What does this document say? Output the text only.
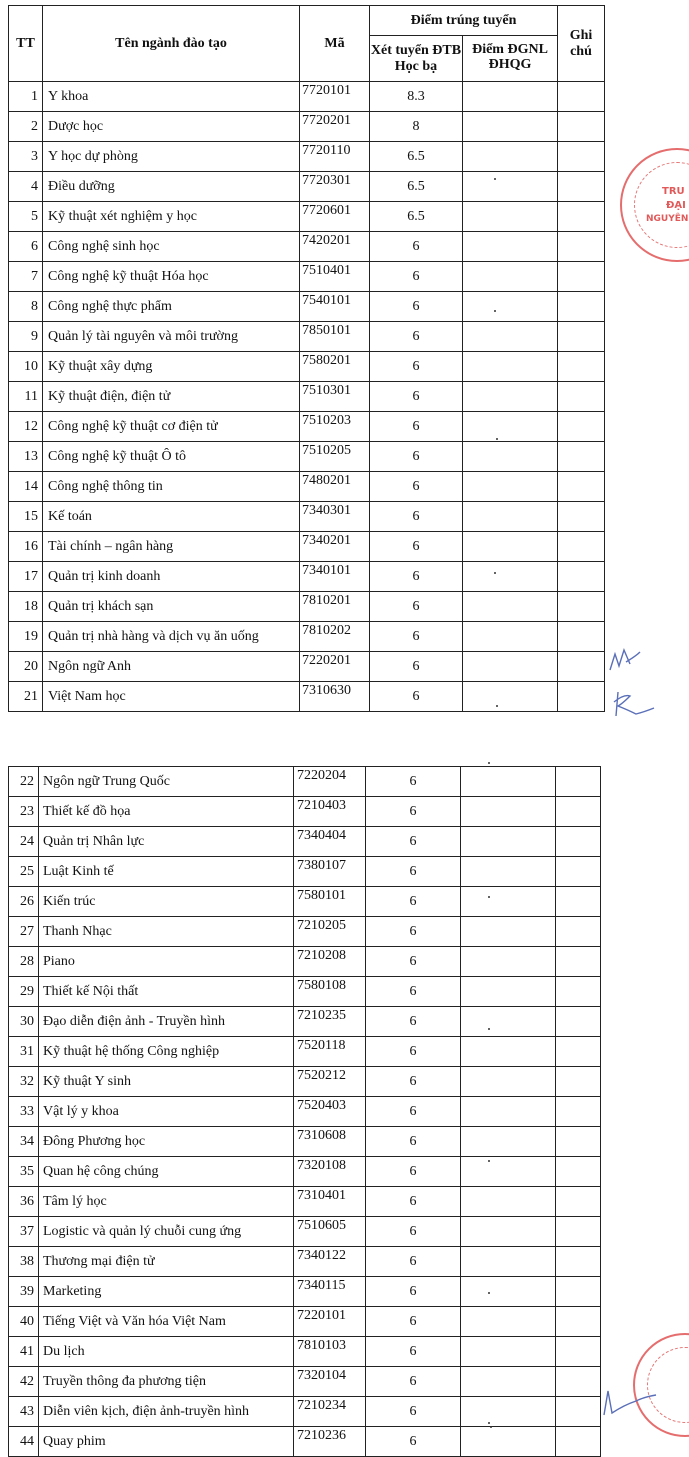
TT	Tên ngành đào tạo	Mã	Điểm trúng tuyển		Ghi chú
			Xét tuyển ĐTB Học bạ	Điểm ĐGNL ĐHQG	
1	Y khoa	7720101	8.3		
2	Dược học	7720201	8		
3	Y học dự phòng	7720110	6.5		
4	Điều dưỡng	7720301	6.5		
5	Kỹ thuật xét nghiệm y học	7720601	6.5		
6	Công nghệ sinh học	7420201	6		
7	Công nghệ kỹ thuật Hóa học	7510401	6		
8	Công nghệ thực phẩm	7540101	6		
9	Quản lý tài nguyên và môi trường	7850101	6		
10	Kỹ thuật xây dựng	7580201	6		
11	Kỹ thuật điện, điện tử	7510301	6		
12	Công nghệ kỹ thuật cơ điện tử	7510203	6		
13	Công nghệ kỹ thuật Ô tô	7510205	6		
14	Công nghệ thông tin	7480201	6		
15	Kế toán	7340301	6		
16	Tài chính – ngân hàng	7340201	6		
17	Quản trị kinh doanh	7340101	6		
18	Quản trị khách sạn	7810201	6		
19	Quản trị nhà hàng và dịch vụ ăn uống	7810202	6		
20	Ngôn ngữ Anh	7220201	6		
21	Việt Nam học	7310630	6		
22	Ngôn ngữ Trung Quốc	7220204	6		
23	Thiết kế đồ họa	7210403	6		
24	Quản trị Nhân lực	7340404	6		
25	Luật Kinh tế	7380107	6		
26	Kiến trúc	7580101	6		
27	Thanh Nhạc	7210205	6		
28	Piano	7210208	6		
29	Thiết kế Nội thất	7580108	6		
30	Đạo diễn điện ảnh - Truyền hình	7210235	6		
31	Kỹ thuật hệ thống Công nghiệp	7520118	6		
32	Kỹ thuật Y sinh	7520212	6		
33	Vật lý y khoa	7520403	6		
34	Đông Phương học	7310608	6		
35	Quan hệ công chúng	7320108	6		
36	Tâm lý học	7310401	6		
37	Logistic và quản lý chuỗi cung ứng	7510605	6		
38	Thương mại điện tử	7340122	6		
39	Marketing	7340115	6		
40	Tiếng Việt và Văn hóa Việt Nam	7220101	6		
41	Du lịch	7810103	6		
42	Truyền thông đa phương tiện	7320104	6		
43	Diễn viên kịch, điện ảnh-truyền hình	7210234	6		
44	Quay phim	7210236	6		
TRU
ĐẠI
NGUYÊN
